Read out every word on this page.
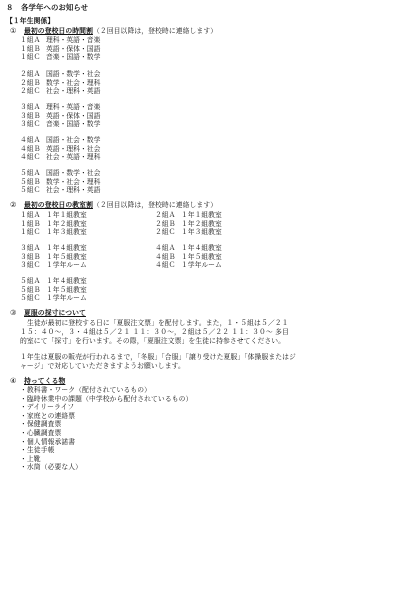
８　各学年へのお知らせ
【１年生関係】
① 最初の登校日の時間割（２回目以降は，登校時に連絡します）
１組Ａ 理科・英語・音楽
１組Ｂ 英語・保体・国語
１組Ｃ 音楽・国語・数学
２組Ａ 国語・数学・社会
２組Ｂ 数学・社会・理科
２組Ｃ 社会・理科・英語
３組Ａ 理科・英語・音楽
３組Ｂ 英語・保体・国語
３組Ｃ 音楽・国語・数学
４組Ａ 国語・社会・数学
４組Ｂ 英語・理科・社会
４組Ｃ 社会・英語・理科
５組Ａ 国語・数学・社会
５組Ｂ 数学・社会・理科
５組Ｃ 社会・理科・英語
② 最初の登校日の教室割（２回目以降は，登校時に連絡します）
１組Ａ １年１組教室
１組Ｂ １年２組教室
１組Ｃ １年３組教室
３組Ａ １年４組教室
３組Ｂ １年５組教室
３組Ｃ １学年ルーム
５組Ａ １年４組教室
５組Ｂ １年５組教室
５組Ｃ １学年ルーム
２組Ａ １年１組教室
２組Ｂ １年２組教室
２組Ｃ １年３組教室
４組Ａ １年４組教室
４組Ｂ １年５組教室
４組Ｃ １学年ルーム
③ 夏服の採寸について
生徒が最初に登校する日に「夏服注文票」を配付します。また，１・５組は５／２１
１５：４０～，３・４組は５／２１ １１：３０～，２組は５／２２ １１：３０～ 多目
的室にて「採寸」を行います。その際，「夏服注文票」を生徒に持参させてください。
１年生は夏服の販売が行われるまで，「冬服」「合服」「譲り受けた夏服」「体操服またはジ
ャージ」で対応していただきますようお願いします。
④ 持ってくる物
・教科書・ワーク（配付されているもの）
・臨時休業中の課題（中学校から配付されているもの）
・デイリーライフ
・家庭との連絡票
・保健調査票
・心臓調査票
・個人情報承諾書
・生徒手帳
・上靴
・水筒（必要な人）
